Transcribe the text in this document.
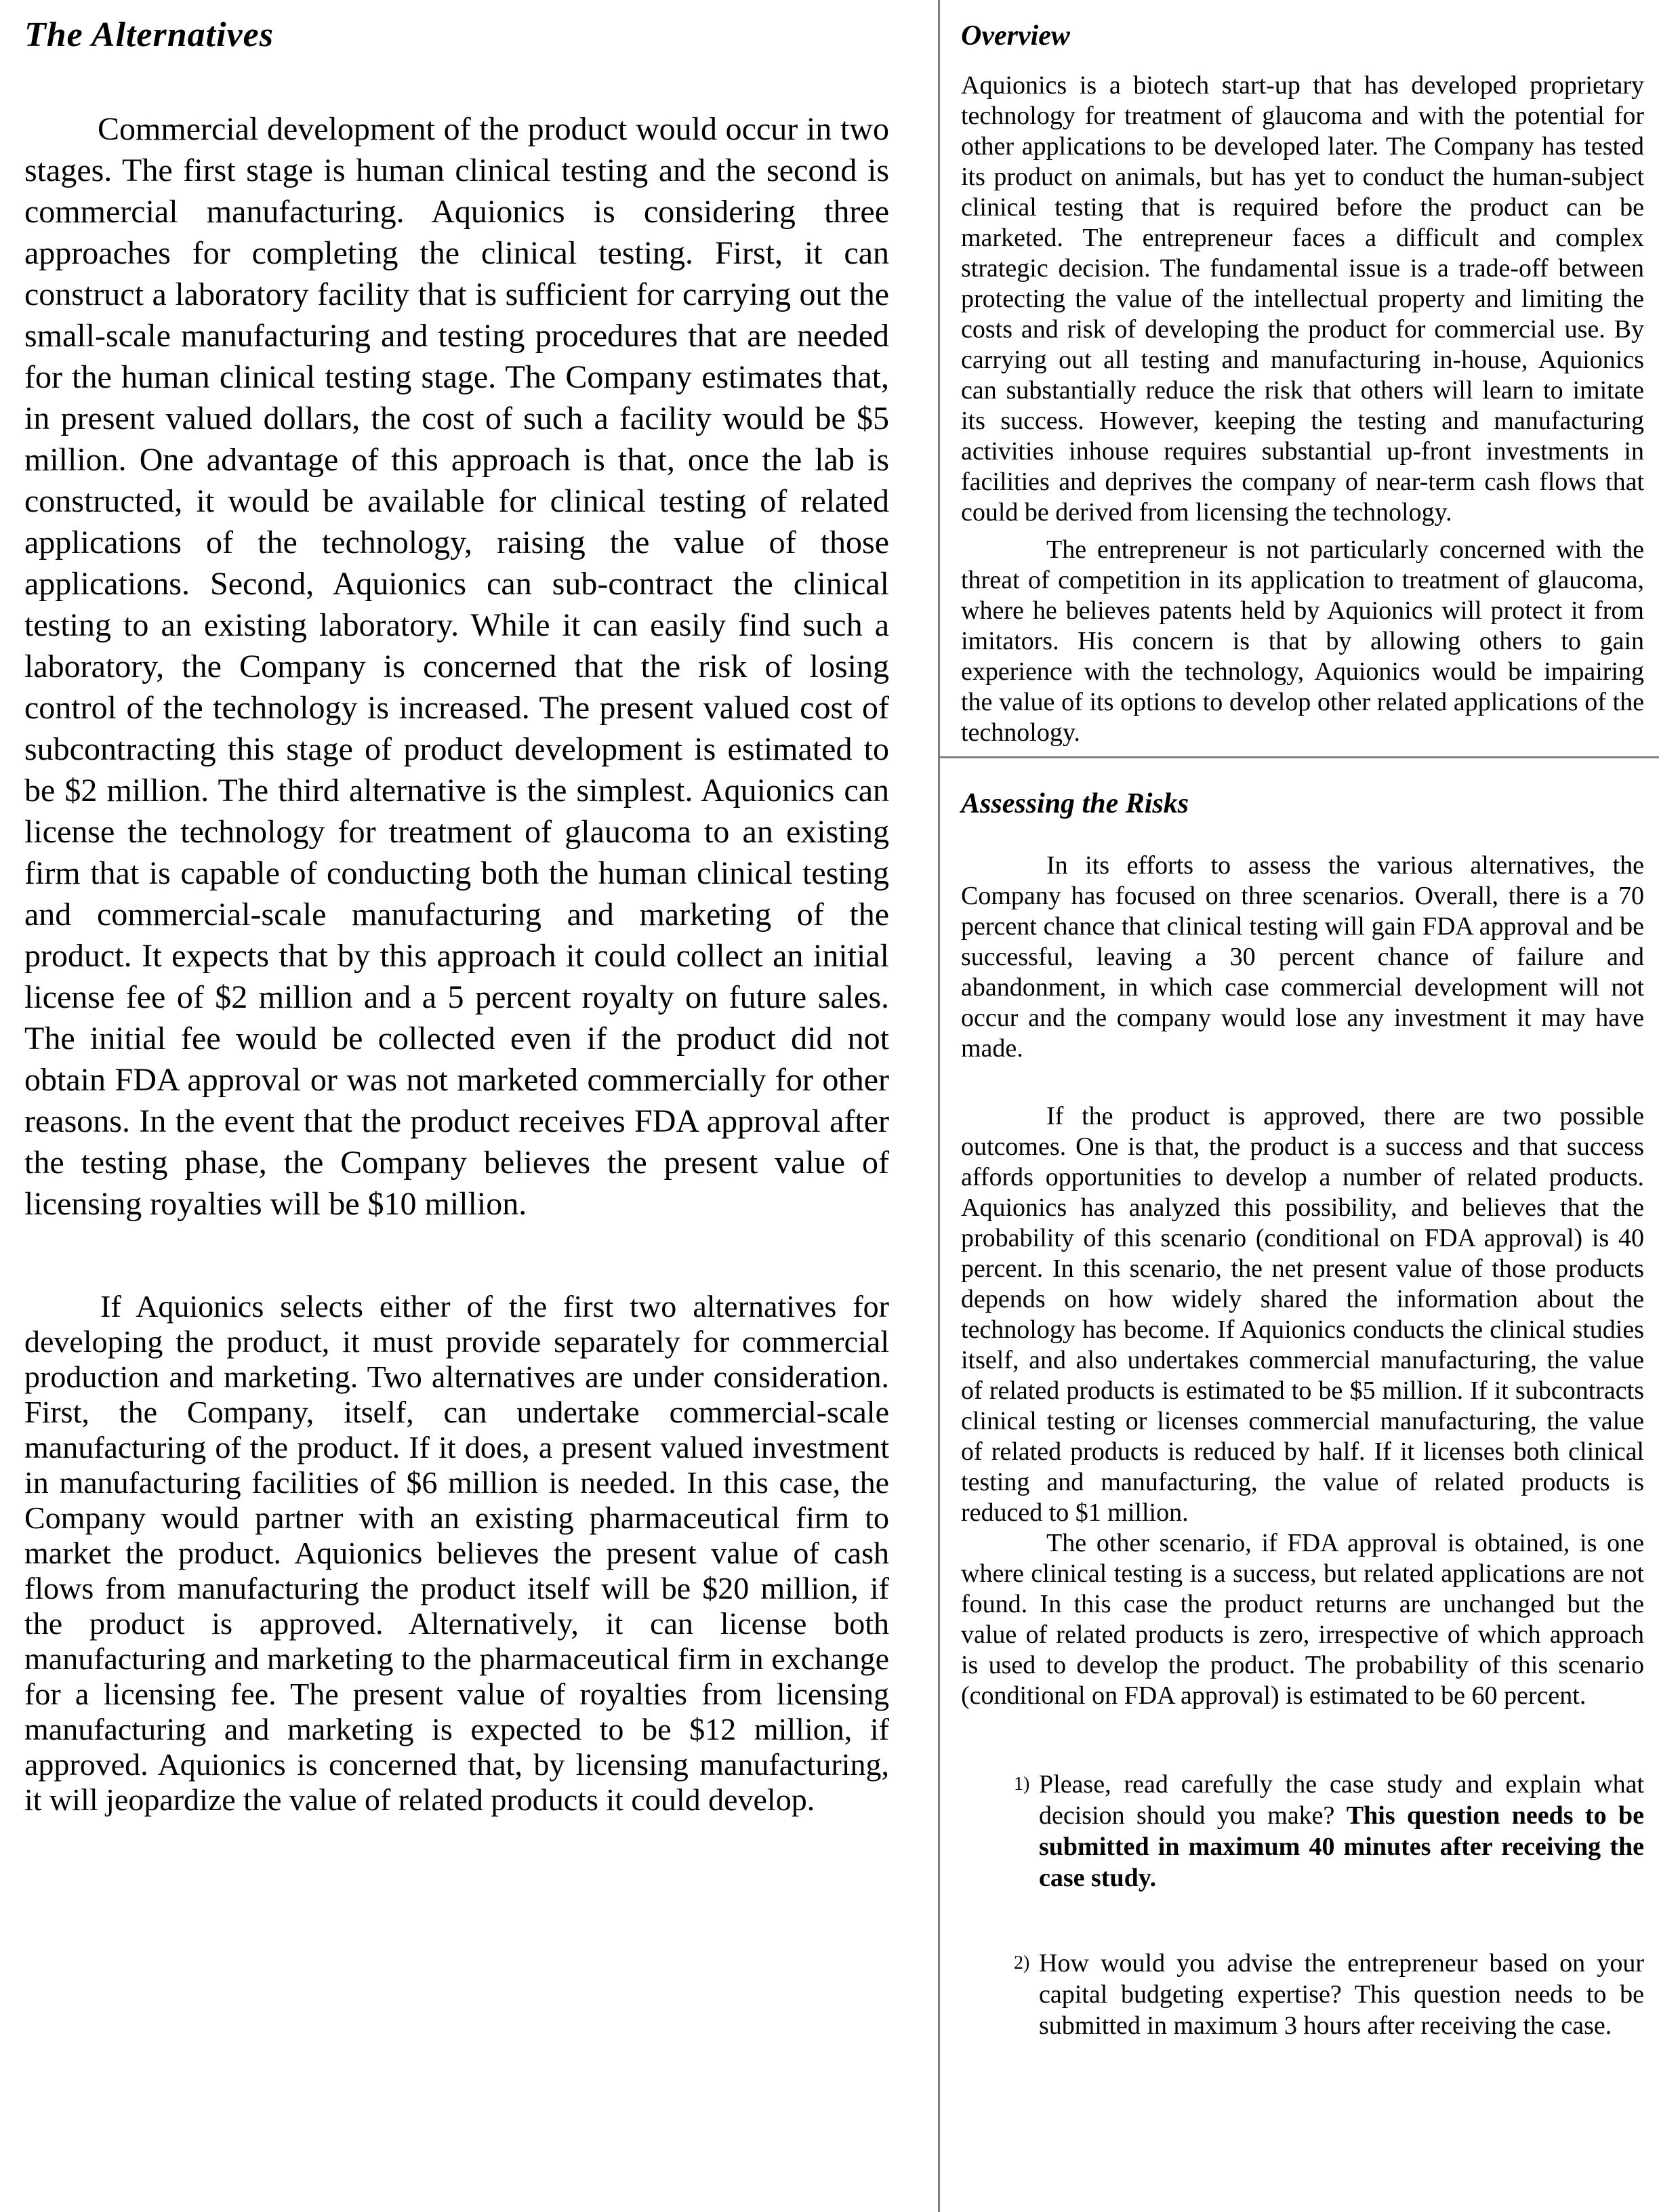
The Alternatives

Commercial development of the product would occur in two stages. The first stage is human clinical testing and the second is commercial manufacturing. Aquionics is considering three approaches for completing the clinical testing. First, it can construct a laboratory facility that is sufficient for carrying out the small-scale manufacturing and testing procedures that are needed for the human clinical testing stage. The Company estimates that, in present valued dollars, the cost of such a facility would be $5 million. One advantage of this approach is that, once the lab is constructed, it would be available for clinical testing of related applications of the technology, raising the value of those applications. Second, Aquionics can sub-contract the clinical testing to an existing laboratory. While it can easily find such a laboratory, the Company is concerned that the risk of losing control of the technology is increased. The present valued cost of subcontracting this stage of product development is estimated to be $2 million. The third alternative is the simplest. Aquionics can license the technology for treatment of glaucoma to an existing firm that is capable of conducting both the human clinical testing and commercial-scale manufacturing and marketing of the product. It expects that by this approach it could collect an initial license fee of $2 million and a 5 percent royalty on future sales. The initial fee would be collected even if the product did not obtain FDA approval or was not marketed commercially for other reasons. In the event that the product receives FDA approval after the testing phase, the Company believes the present value of licensing royalties will be $10 million.

If Aquionics selects either of the first two alternatives for developing the product, it must provide separately for commercial production and marketing. Two alternatives are under consideration. First, the Company, itself, can undertake commercial-scale manufacturing of the product. If it does, a present valued investment in manufacturing facilities of $6 million is needed. In this case, the Company would partner with an existing pharmaceutical firm to market the product. Aquionics believes the present value of cash flows from manufacturing the product itself will be $20 million, if the product is approved. Alternatively, it can license both manufacturing and marketing to the pharmaceutical firm in exchange for a licensing fee. The present value of royalties from licensing manufacturing and marketing is expected to be $12 million, if approved. Aquionics is concerned that, by licensing manufacturing, it will jeopardize the value of related products it could develop.

Overview

Aquionics is a biotech start-up that has developed proprietary technology for treatment of glaucoma and with the potential for other applications to be developed later. The Company has tested its product on animals, but has yet to conduct the human-subject clinical testing that is required before the product can be marketed. The entrepreneur faces a difficult and complex strategic decision. The fundamental issue is a trade-off between protecting the value of the intellectual property and limiting the costs and risk of developing the product for commercial use. By carrying out all testing and manufacturing in-house, Aquionics can substantially reduce the risk that others will learn to imitate its success. However, keeping the testing and manufacturing activities inhouse requires substantial up-front investments in facilities and deprives the company of near-term cash flows that could be derived from licensing the technology.

The entrepreneur is not particularly concerned with the threat of competition in its application to treatment of glaucoma, where he believes patents held by Aquionics will protect it from imitators. His concern is that by allowing others to gain experience with the technology, Aquionics would be impairing the value of its options to develop other related applications of the technology.

Assessing the Risks

In its efforts to assess the various alternatives, the Company has focused on three scenarios. Overall, there is a 70 percent chance that clinical testing will gain FDA approval and be successful, leaving a 30 percent chance of failure and abandonment, in which case commercial development will not occur and the company would lose any investment it may have made.

If the product is approved, there are two possible outcomes. One is that, the product is a success and that success affords opportunities to develop a number of related products. Aquionics has analyzed this possibility, and believes that the probability of this scenario (conditional on FDA approval) is 40 percent. In this scenario, the net present value of those products depends on how widely shared the information about the technology has become. If Aquionics conducts the clinical studies itself, and also undertakes commercial manufacturing, the value of related products is estimated to be $5 million. If it subcontracts clinical testing or licenses commercial manufacturing, the value of related products is reduced by half. If it licenses both clinical testing and manufacturing, the value of related products is reduced to $1 million.

The other scenario, if FDA approval is obtained, is one where clinical testing is a success, but related applications are not found. In this case the product returns are unchanged but the value of related products is zero, irrespective of which approach is used to develop the product. The probability of this scenario (conditional on FDA approval) is estimated to be 60 percent.

1) Please, read carefully the case study and explain what decision should you make? This question needs to be submitted in maximum 40 minutes after receiving the case study.
2) How would you advise the entrepreneur based on your capital budgeting expertise? This question needs to be submitted in maximum 3 hours after receiving the case.
